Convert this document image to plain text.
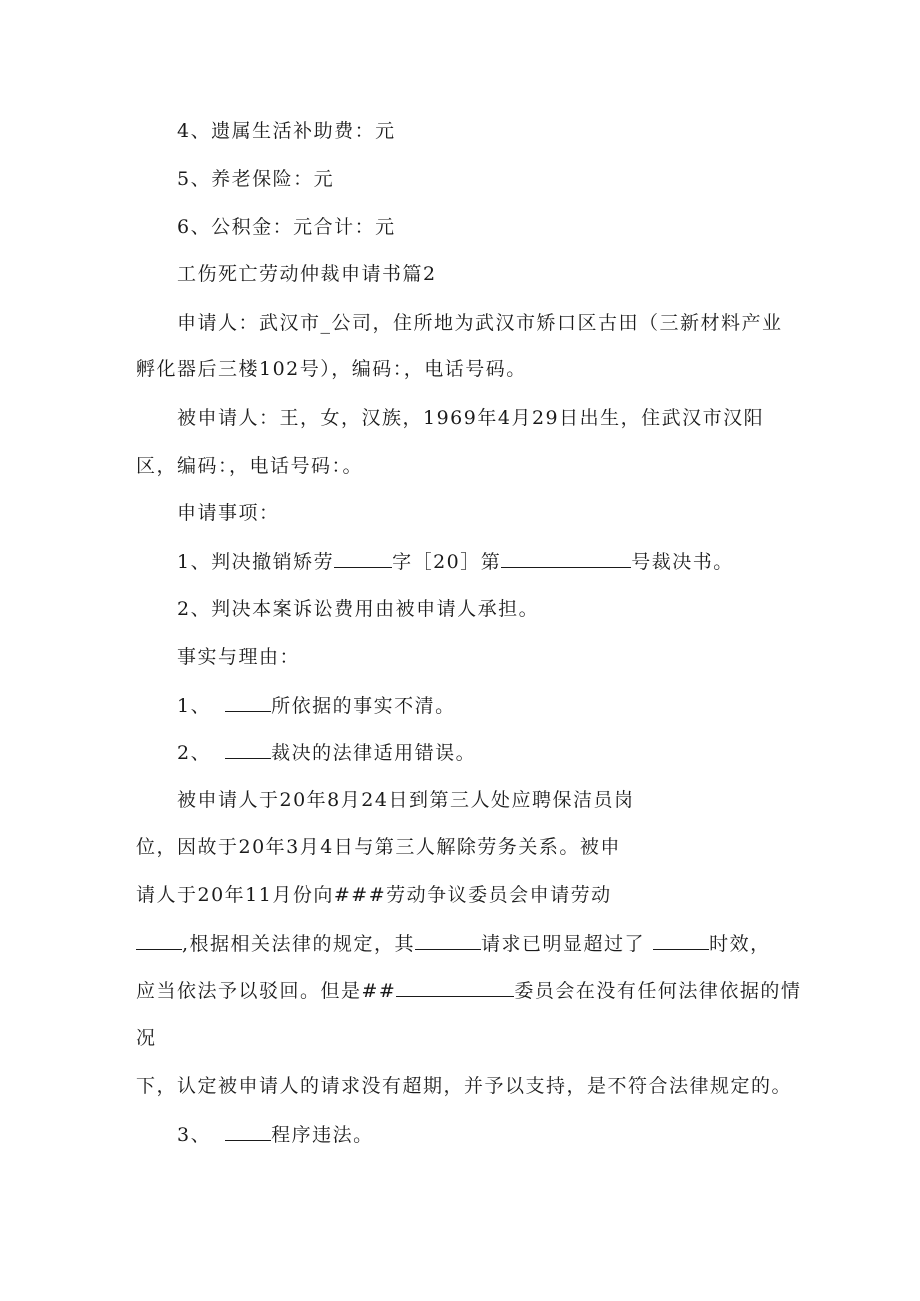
4、遗属生活补助费：元
5、养老保险：元
6、公积金：元合计：元
工伤死亡劳动仲裁申请书篇2
申请人：武汉市_公司，住所地为武汉市矫口区古田（三新材料产业
孵化器后三楼102号），编码：，电话号码。
被申请人：王，女，汉族，1969年4月29日出生，住武汉市汉阳
区，编码：，电话号码：。
申请事项：
1、判决撤销矫劳	字［20］第	号裁决书。
2、判决本案诉讼费用由被申请人承担。
事实与理由：
1、	所依据的事实不清。
2、	裁决的法律适用错误。
被申请人于20年8月24日到第三人处应聘保洁员岗
位，因故于20年3月4日与第三人解除劳务关系。被申
请人于20年11月份向###劳动争议委员会申请劳动
,根据相关法律的规定，其	请求已明显超过了	时效，
应当依法予以驳回。但是##	委员会在没有任何法律依据的情
况
下，认定被申请人的请求没有超期，并予以支持，是不符合法律规定的。
3、	程序违法。
